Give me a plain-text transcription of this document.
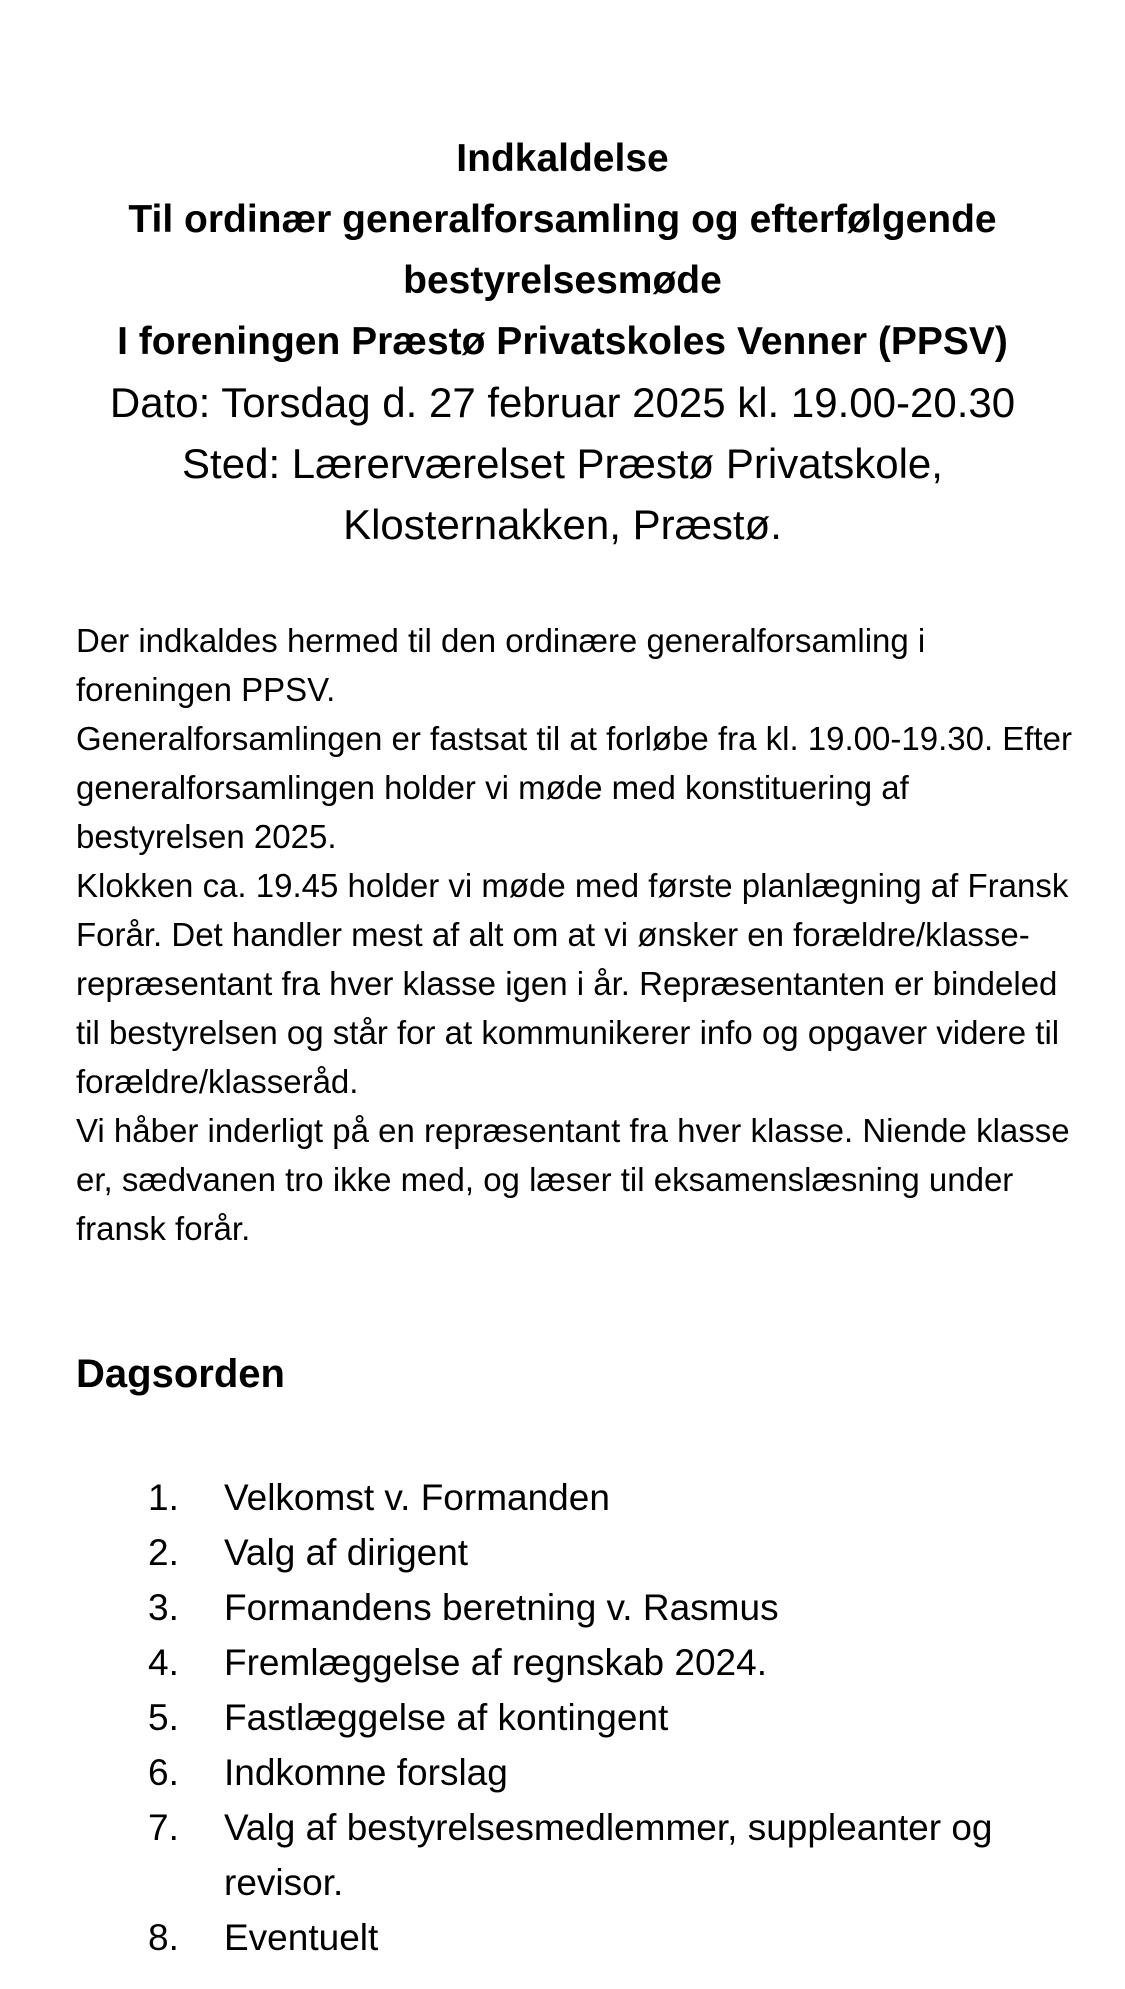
Indkaldelse

Til ordinær generalforsamling og efterfølgende

bestyrelsesmøde

I foreningen Præstø Privatskoles Venner (PPSV)

Dato: Torsdag d. 27 februar 2025 kl. 19.00-20.30

Sted: Lærerværelset Præstø Privatskole,

Klosternakken, Præstø.

Der indkaldes hermed til den ordinære generalforsamling i foreningen PPSV.

Generalforsamlingen er fastsat til at forløbe fra kl. 19.00-19.30. Efter generalforsamlingen holder vi møde med konstituering af bestyrelsen 2025.

Klokken ca. 19.45 holder vi møde med første planlægning af Fransk Forår. Det handler mest af alt om at vi ønsker en forældre/klasse-repræsentant fra hver klasse igen i år. Repræsentanten er bindeled til bestyrelsen og står for at kommunikerer info og opgaver videre til forældre/klasseråd.

Vi håber inderligt på en repræsentant fra hver klasse. Niende klasse er, sædvanen tro ikke med, og læser til eksamenslæsning under fransk forår.

Dagsorden
1. Velkomst v. Formanden
2. Valg af dirigent
3. Formandens beretning v. Rasmus
4. Fremlæggelse af regnskab 2024.
5. Fastlæggelse af kontingent
6. Indkomne forslag
7. Valg af bestyrelsesmedlemmer, suppleanter og revisor.
8. Eventuelt
